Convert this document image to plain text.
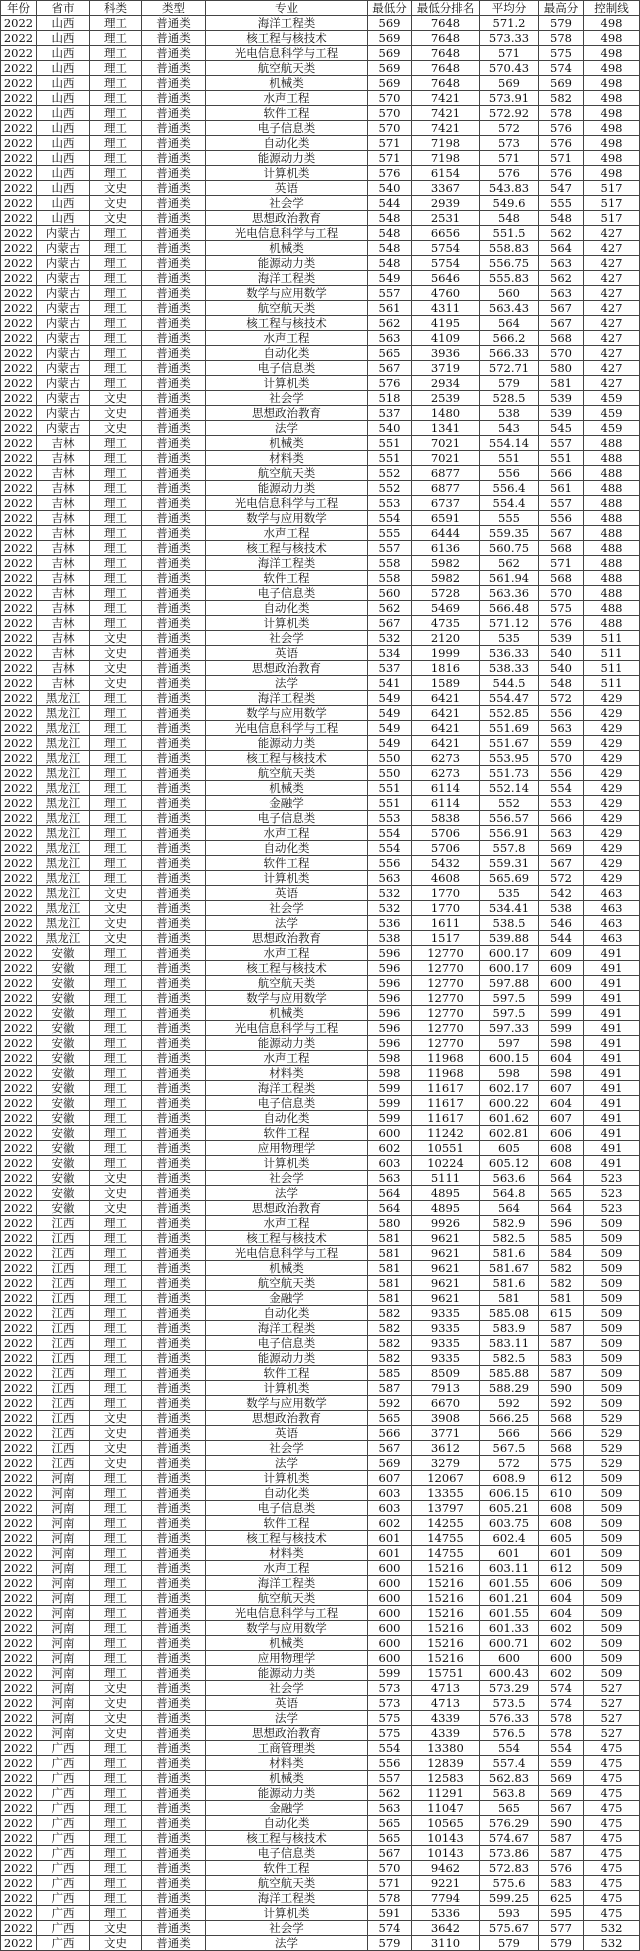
年份	省市	科类	类型	专业	最低分	最低分排名	平均分	最高分	控制线
2022	山西	理工	普通类	海洋工程类	569	7648	571.2	579	498
2022	山西	理工	普通类	核工程与核技术	569	7648	573.33	578	498
2022	山西	理工	普通类	光电信息科学与工程	569	7648	571	575	498
2022	山西	理工	普通类	航空航天类	569	7648	570.43	574	498
2022	山西	理工	普通类	机械类	569	7648	569	569	498
2022	山西	理工	普通类	水声工程	570	7421	573.91	582	498
2022	山西	理工	普通类	软件工程	570	7421	572.92	578	498
2022	山西	理工	普通类	电子信息类	570	7421	572	576	498
2022	山西	理工	普通类	自动化类	571	7198	573	576	498
2022	山西	理工	普通类	能源动力类	571	7198	571	571	498
2022	山西	理工	普通类	计算机类	576	6154	576	576	498
2022	山西	文史	普通类	英语	540	3367	543.83	547	517
2022	山西	文史	普通类	社会学	544	2939	549.6	555	517
2022	山西	文史	普通类	思想政治教育	548	2531	548	548	517
2022	内蒙古	理工	普通类	光电信息科学与工程	548	6656	551.5	562	427
2022	内蒙古	理工	普通类	机械类	548	5754	558.83	564	427
2022	内蒙古	理工	普通类	能源动力类	548	5754	556.75	563	427
2022	内蒙古	理工	普通类	海洋工程类	549	5646	555.83	562	427
2022	内蒙古	理工	普通类	数学与应用数学	557	4760	560	563	427
2022	内蒙古	理工	普通类	航空航天类	561	4311	563.43	567	427
2022	内蒙古	理工	普通类	核工程与核技术	562	4195	564	567	427
2022	内蒙古	理工	普通类	水声工程	563	4109	566.2	568	427
2022	内蒙古	理工	普通类	自动化类	565	3936	566.33	570	427
2022	内蒙古	理工	普通类	电子信息类	567	3719	572.71	580	427
2022	内蒙古	理工	普通类	计算机类	576	2934	579	581	427
2022	内蒙古	文史	普通类	社会学	518	2539	528.5	539	459
2022	内蒙古	文史	普通类	思想政治教育	537	1480	538	539	459
2022	内蒙古	文史	普通类	法学	540	1341	543	545	459
2022	吉林	理工	普通类	机械类	551	7021	554.14	557	488
2022	吉林	理工	普通类	材料类	551	7021	551	551	488
2022	吉林	理工	普通类	航空航天类	552	6877	556	566	488
2022	吉林	理工	普通类	能源动力类	552	6877	556.4	561	488
2022	吉林	理工	普通类	光电信息科学与工程	553	6737	554.4	557	488
2022	吉林	理工	普通类	数学与应用数学	554	6591	555	556	488
2022	吉林	理工	普通类	水声工程	555	6444	559.35	567	488
2022	吉林	理工	普通类	核工程与核技术	557	6136	560.75	568	488
2022	吉林	理工	普通类	海洋工程类	558	5982	562	571	488
2022	吉林	理工	普通类	软件工程	558	5982	561.94	568	488
2022	吉林	理工	普通类	电子信息类	560	5728	563.36	570	488
2022	吉林	理工	普通类	自动化类	562	5469	566.48	575	488
2022	吉林	理工	普通类	计算机类	567	4735	571.12	576	488
2022	吉林	文史	普通类	社会学	532	2120	535	539	511
2022	吉林	文史	普通类	英语	534	1999	536.33	540	511
2022	吉林	文史	普通类	思想政治教育	537	1816	538.33	540	511
2022	吉林	文史	普通类	法学	541	1589	544.5	548	511
2022	黑龙江	理工	普通类	海洋工程类	549	6421	554.47	572	429
2022	黑龙江	理工	普通类	数学与应用数学	549	6421	552.85	556	429
2022	黑龙江	理工	普通类	光电信息科学与工程	549	6421	551.69	563	429
2022	黑龙江	理工	普通类	能源动力类	549	6421	551.67	559	429
2022	黑龙江	理工	普通类	核工程与核技术	550	6273	553.95	570	429
2022	黑龙江	理工	普通类	航空航天类	550	6273	551.73	556	429
2022	黑龙江	理工	普通类	机械类	551	6114	552.14	554	429
2022	黑龙江	理工	普通类	金融学	551	6114	552	553	429
2022	黑龙江	理工	普通类	电子信息类	553	5838	556.57	566	429
2022	黑龙江	理工	普通类	水声工程	554	5706	556.91	563	429
2022	黑龙江	理工	普通类	自动化类	554	5706	557.8	569	429
2022	黑龙江	理工	普通类	软件工程	556	5432	559.31	567	429
2022	黑龙江	理工	普通类	计算机类	563	4608	565.69	572	429
2022	黑龙江	文史	普通类	英语	532	1770	535	542	463
2022	黑龙江	文史	普通类	社会学	532	1770	534.41	538	463
2022	黑龙江	文史	普通类	法学	536	1611	538.5	546	463
2022	黑龙江	文史	普通类	思想政治教育	538	1517	539.88	544	463
2022	安徽	理工	普通类	水声工程	596	12770	600.17	609	491
2022	安徽	理工	普通类	核工程与核技术	596	12770	600.17	609	491
2022	安徽	理工	普通类	航空航天类	596	12770	597.88	600	491
2022	安徽	理工	普通类	数学与应用数学	596	12770	597.5	599	491
2022	安徽	理工	普通类	机械类	596	12770	597.5	599	491
2022	安徽	理工	普通类	光电信息科学与工程	596	12770	597.33	599	491
2022	安徽	理工	普通类	能源动力类	596	12770	597	598	491
2022	安徽	理工	普通类	水声工程	598	11968	600.15	604	491
2022	安徽	理工	普通类	材料类	598	11968	598	598	491
2022	安徽	理工	普通类	海洋工程类	599	11617	602.17	607	491
2022	安徽	理工	普通类	电子信息类	599	11617	600.22	604	491
2022	安徽	理工	普通类	自动化类	599	11617	601.62	607	491
2022	安徽	理工	普通类	软件工程	600	11242	602.81	606	491
2022	安徽	理工	普通类	应用物理学	602	10551	605	608	491
2022	安徽	理工	普通类	计算机类	603	10224	605.12	608	491
2022	安徽	文史	普通类	社会学	563	5111	563.6	564	523
2022	安徽	文史	普通类	法学	564	4895	564.8	565	523
2022	安徽	文史	普通类	思想政治教育	564	4895	564	564	523
2022	江西	理工	普通类	水声工程	580	9926	582.9	596	509
2022	江西	理工	普通类	核工程与核技术	581	9621	582.5	585	509
2022	江西	理工	普通类	光电信息科学与工程	581	9621	581.6	584	509
2022	江西	理工	普通类	机械类	581	9621	581.67	582	509
2022	江西	理工	普通类	航空航天类	581	9621	581.6	582	509
2022	江西	理工	普通类	金融学	581	9621	581	581	509
2022	江西	理工	普通类	自动化类	582	9335	585.08	615	509
2022	江西	理工	普通类	海洋工程类	582	9335	583.9	587	509
2022	江西	理工	普通类	电子信息类	582	9335	583.11	587	509
2022	江西	理工	普通类	能源动力类	582	9335	582.5	583	509
2022	江西	理工	普通类	软件工程	585	8509	585.88	587	509
2022	江西	理工	普通类	计算机类	587	7913	588.29	590	509
2022	江西	理工	普通类	数学与应用数学	592	6670	592	592	509
2022	江西	文史	普通类	思想政治教育	565	3908	566.25	568	529
2022	江西	文史	普通类	英语	566	3771	566	566	529
2022	江西	文史	普通类	社会学	567	3612	567.5	568	529
2022	江西	文史	普通类	法学	569	3279	572	575	529
2022	河南	理工	普通类	计算机类	607	12067	608.9	612	509
2022	河南	理工	普通类	自动化类	603	13355	606.15	610	509
2022	河南	理工	普通类	电子信息类	603	13797	605.21	608	509
2022	河南	理工	普通类	软件工程	602	14255	603.75	608	509
2022	河南	理工	普通类	核工程与核技术	601	14755	602.4	605	509
2022	河南	理工	普通类	材料类	601	14755	601	601	509
2022	河南	理工	普通类	水声工程	600	15216	603.11	612	509
2022	河南	理工	普通类	海洋工程类	600	15216	601.55	606	509
2022	河南	理工	普通类	航空航天类	600	15216	601.21	604	509
2022	河南	理工	普通类	光电信息科学与工程	600	15216	601.55	604	509
2022	河南	理工	普通类	数学与应用数学	600	15216	601.33	602	509
2022	河南	理工	普通类	机械类	600	15216	600.71	602	509
2022	河南	理工	普通类	应用物理学	600	15216	600	600	509
2022	河南	理工	普通类	能源动力类	599	15751	600.43	602	509
2022	河南	文史	普通类	社会学	573	4713	573.29	574	527
2022	河南	文史	普通类	英语	573	4713	573.5	574	527
2022	河南	文史	普通类	法学	575	4339	576.33	578	527
2022	河南	文史	普通类	思想政治教育	575	4339	576.5	578	527
2022	广西	理工	普通类	工商管理类	554	13380	554	554	475
2022	广西	理工	普通类	材料类	556	12839	557.4	559	475
2022	广西	理工	普通类	机械类	557	12583	562.83	569	475
2022	广西	理工	普通类	能源动力类	562	11291	563.8	569	475
2022	广西	理工	普通类	金融学	563	11047	565	567	475
2022	广西	理工	普通类	自动化类	565	10565	576.29	590	475
2022	广西	理工	普通类	核工程与核技术	565	10143	574.67	587	475
2022	广西	理工	普通类	电子信息类	567	10143	573.86	587	475
2022	广西	理工	普通类	软件工程	570	9462	572.83	576	475
2022	广西	理工	普通类	航空航天类	571	9221	575.6	583	475
2022	广西	理工	普通类	海洋工程类	578	7794	599.25	625	475
2022	广西	理工	普通类	计算机类	591	5336	593	595	475
2022	广西	文史	普通类	社会学	574	3642	575.67	577	532
2022	广西	文史	普通类	法学	579	3110	579	579	532
